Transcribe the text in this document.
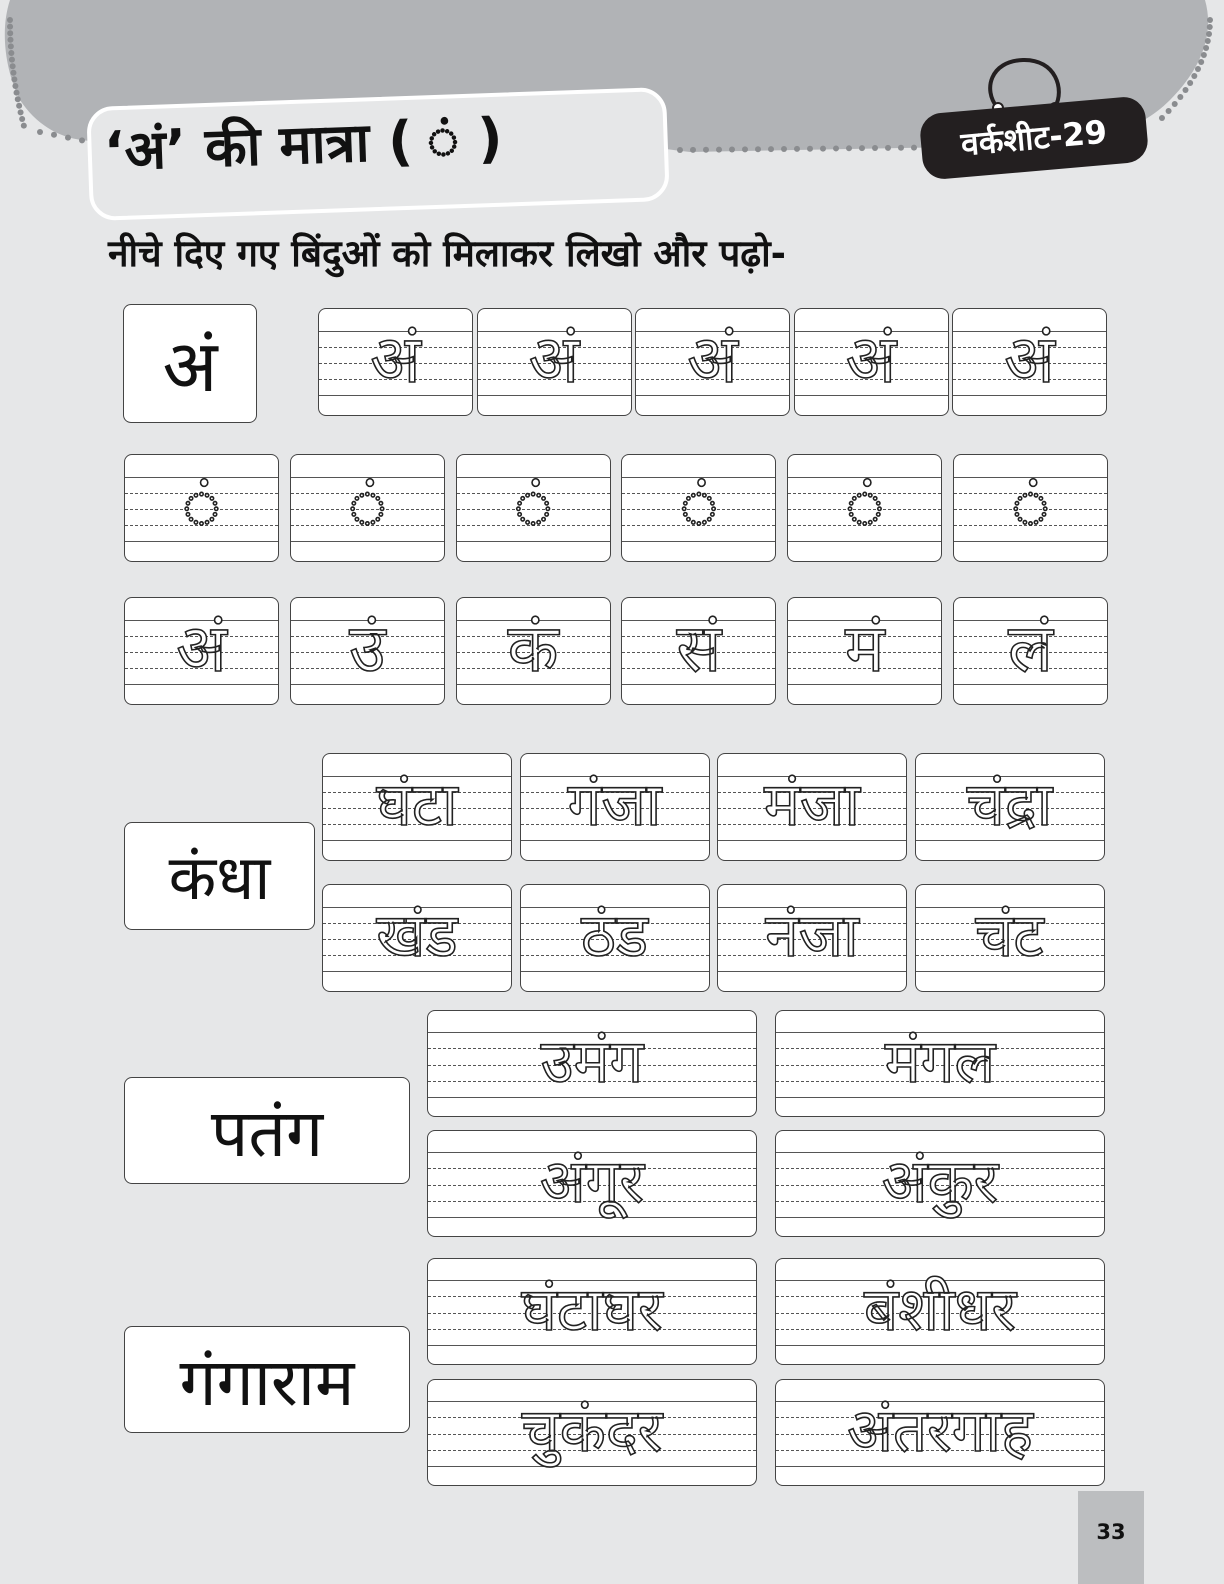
‘अं’ की मात्रा ( ं )	वर्कशीट-29
नीचे दिए गए बिंदुओं को मिलाकर लिखो और पढ़ो-
अं
कंधा
पतंग
गंगाराम
33
अं	अं	अं	अं	अं
ं	ं	ं	ं	ं	ं
अं	उं	कं	सं	मं	लं
घंटा	गंजा	मंजा	चंद्रा
खंड	ठंड	नंजा	चंट
उमंग	मंगल
अंगूर	अंकुर
घंटाघर	बंशीधर
चुकंदर	अंतरगाह
